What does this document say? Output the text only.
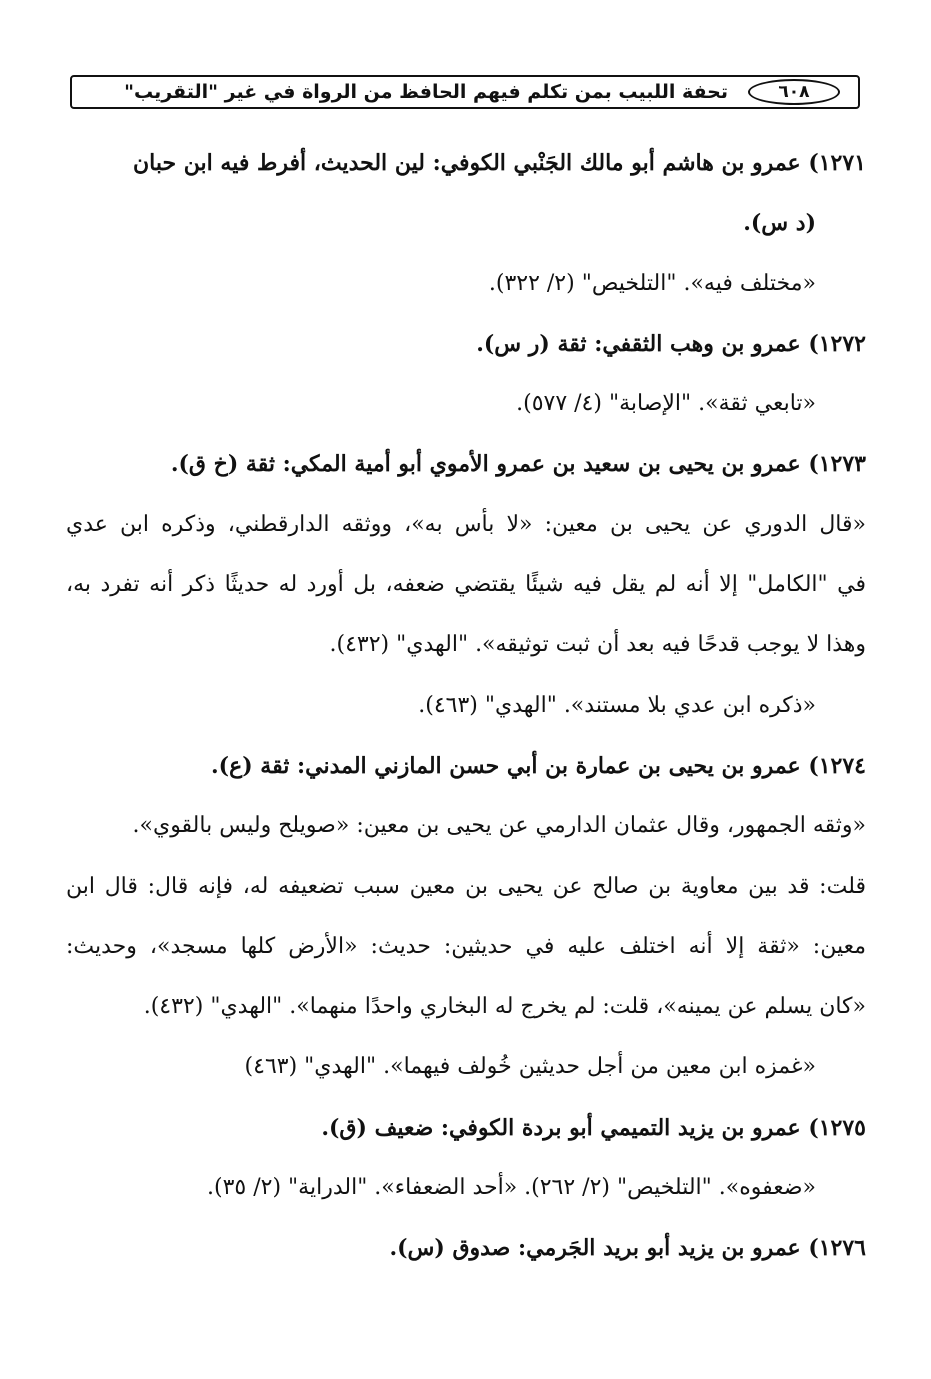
تحفة اللبيب بمن تكلم فيهم الحافظ من الرواة في غير "التقريب"	٦٠٨
١٢٧١) عمرو بن هاشم أبو مالك الجَنْبي الكوفي: لين الحديث، أفرط فيه ابن حبان
(د س).
«مختلف فيه». "التلخيص" (٢/ ٣٢٢).
١٢٧٢) عمرو بن وهب الثقفي: ثقة (ر س).
«تابعي ثقة». "الإصابة" (٤/ ٥٧٧).
١٢٧٣) عمرو بن يحيى بن سعيد بن عمرو الأموي أبو أمية المكي: ثقة (خ ق).
«قال الدوري عن يحيى بن معين: «لا بأس به»، ووثقه الدارقطني، وذكره ابن عدي
في "الكامل" إلا أنه لم يقل فيه شيئًا يقتضي ضعفه، بل أورد له حديثًا ذكر أنه تفرد به،
وهذا لا يوجب قدحًا فيه بعد أن ثبت توثيقه». "الهدي" (٤٣٢).
«ذكره ابن عدي بلا مستند». "الهدي" (٤٦٣).
١٢٧٤) عمرو بن يحيى بن عمارة بن أبي حسن المازني المدني: ثقة (ع).
«وثقه الجمهور، وقال عثمان الدارمي عن يحيى بن معين: «صويلح وليس بالقوي».
قلت: قد بين معاوية بن صالح عن يحيى بن معين سبب تضعيفه له، فإنه قال: قال ابن
معين: «ثقة إلا أنه اختلف عليه في حديثين: حديث: «الأرض كلها مسجد»، وحديث:
«كان يسلم عن يمينه»، قلت: لم يخرج له البخاري واحدًا منهما». "الهدي" (٤٣٢).
«غمزه ابن معين من أجل حديثين خُولف فيهما». "الهدي" (٤٦٣)
١٢٧٥) عمرو بن يزيد التميمي أبو بردة الكوفي: ضعيف (ق).
«ضعفوه». "التلخيص" (٢/ ٢٦٢). «أحد الضعفاء». "الدراية" (٢/ ٣٥).
١٢٧٦) عمرو بن يزيد أبو بريد الجَرمي: صدوق (س).
